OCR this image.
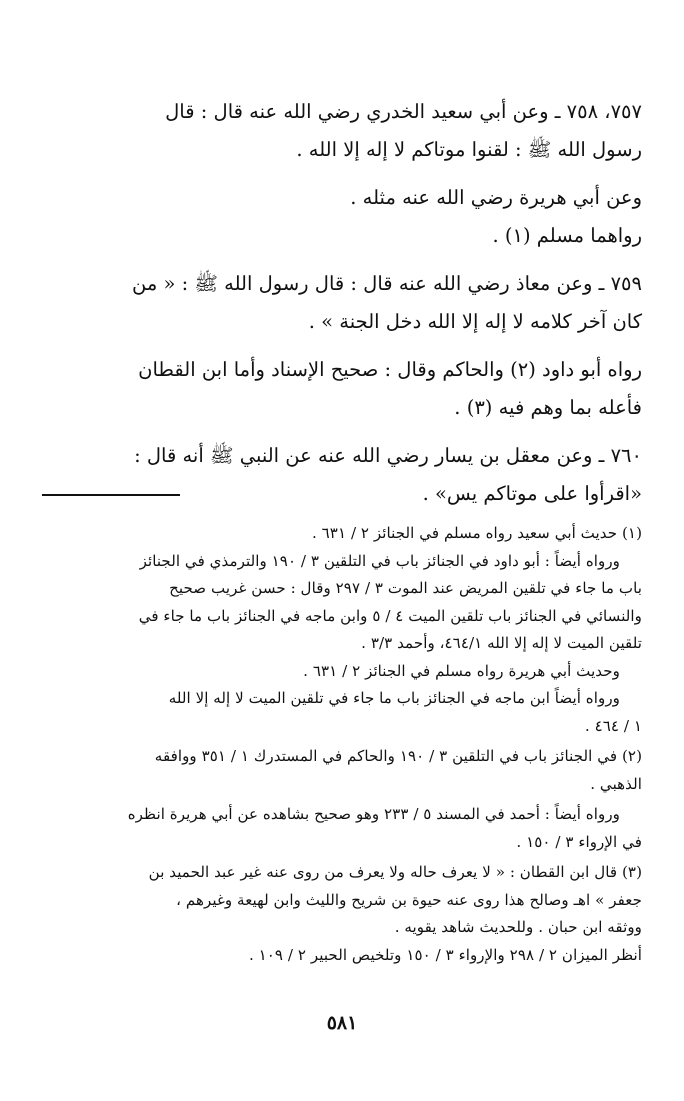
٧٥٧، ٧٥٨ ـ وعن أبي سعيد الخدري رضي الله عنه قال : قال

رسول الله ﷺ : لقنوا موتاكم لا إله إلا الله .

وعن أبي هريرة رضي الله عنه مثله .

رواهما مسلم (١) .

٧٥٩ ـ وعن معاذ رضي الله عنه قال : قال رسول الله ﷺ : « من

كان آخر كلامه لا إله إلا الله دخل الجنة » .

رواه أبو داود (٢) والحاكم وقال : صحيح الإسناد وأما ابن القطان

فأعله بما وهم فيه (٣) .

٧٦٠ ـ وعن معقل بن يسار رضي الله عنه عن النبي ﷺ أنه قال :

«اقرأوا على موتاكم يس» .

(١) حديث أبي سعيد رواه مسلم في الجنائز ٢ / ٦٣١ .

ورواه أيضاً : أبو داود في الجنائز باب في التلقين ٣ / ١٩٠ والترمذي في الجنائز

باب ما جاء في تلقين المريض عند الموت ٣ / ٢٩٧ وقال : حسن غريب صحيح

والنسائي في الجنائز باب تلقين الميت ٤ / ٥ وابن ماجه في الجنائز باب ما جاء في

تلقين الميت لا إله إلا الله ٤٦٤/١، وأحمد ٣/٣ .

وحديث أبي هريرة رواه مسلم في الجنائز ٢ / ٦٣١ .

ورواه أيضاً ابن ماجه في الجنائز باب ما جاء في تلقين الميت لا إله إلا الله

١ / ٤٦٤ .

(٢) في الجنائز باب في التلقين ٣ / ١٩٠ والحاكم في المستدرك ١ / ٣٥١ ووافقه

الذهبي .

ورواه أيضاً : أحمد في المسند ٥ / ٢٣٣ وهو صحيح بشاهده عن أبي هريرة انظره

في الإرواء ٣ / ١٥٠ .

(٣) قال ابن القطان : « لا يعرف حاله ولا يعرف من روى عنه غير عبد الحميد بن

جعفر » اهـ وصالح هذا روى عنه حيوة بن شريح والليث وابن لهيعة وغيرهم ،

ووثقه ابن حبان . وللحديث شاهد يقويه .

أنظر الميزان ٢ / ٢٩٨ والإرواء ٣ / ١٥٠ وتلخيص الحبير ٢ / ١٠٩ .

٥٨١
